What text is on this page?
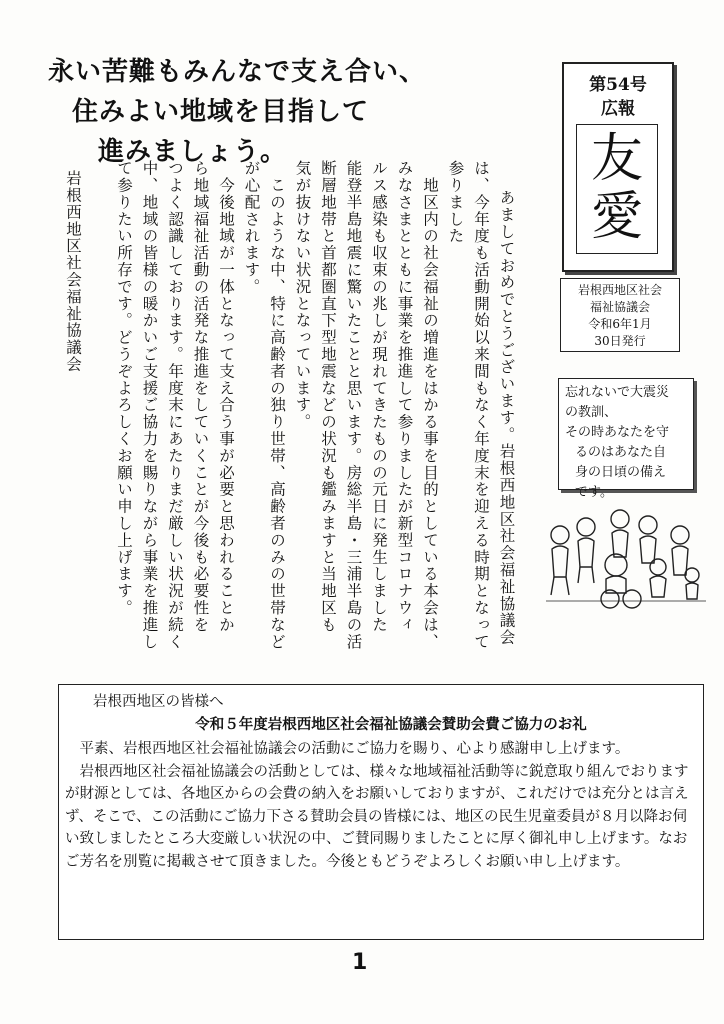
永い苦難もみんなで支え合い、
住みよい地域を目指して
進みましょう。
第54号
広報
友
愛
岩根西地区社会
福祉協議会
令和6年1月
30日発行
忘れないで大震災
の教訓、
その時あなたを守
るのはあなた自
身の日頃の備え
です。

　あましておめでとうございます。岩根西地区社会福祉協議会
は、今年度も活動開始以来間もなく年度末を迎える時期となって
参りました
　地区内の社会福祉の増進をはかる事を目的としている本会は、
みなさまとともに事業を推進して参りましたが新型コロナウィ
ルス感染も収束の兆しが現れてきたものの元日に発生しました
能登半島地震に驚いたことと思います。房総半島・三浦半島の活
断層地帯と首都圏直下型地震などの状況も鑑みますと当地区も
気が抜けない状況となっています。
　このような中、特に高齢者の独り世帯、高齢者のみの世帯など
が心配されます。
　今後地域が一体となって支え合う事が必要と思われることか
ら地域福祉活動の活発な推進をしていくことが今後も必要性を
つよく認識しております。年度末にあたりまだ厳しい状況が続く
中、地域の皆様の暖かいご支援ご協力を賜りながら事業を推進し
て参りたい所存です。どうぞよろしくお願い申し上げます。

岩根西地区社会福祉協議会

岩根西地区の皆様へ
令和５年度岩根西地区社会福祉協議会賛助会費ご協力のお礼
平素、岩根西地区社会福祉協議会の活動にご協力を賜り、心より感謝申し上げます。
　岩根西地区社会福祉協議会の活動としては、様々な地域福祉活動等に鋭意取り組んでおりますが財源としては、各地区からの会費の納入をお願いしておりますが、これだけでは充分とは言えず、そこで、この活動にご協力下さる賛助会員の皆様には、地区の民生児童委員が８月以降お伺い致しましたところ大変厳しい状況の中、ご賛同賜りましたことに厚く御礼申し上げます。なおご芳名を別覧に掲載させて頂きました。今後ともどうぞよろしくお願い申し上げます。
1
